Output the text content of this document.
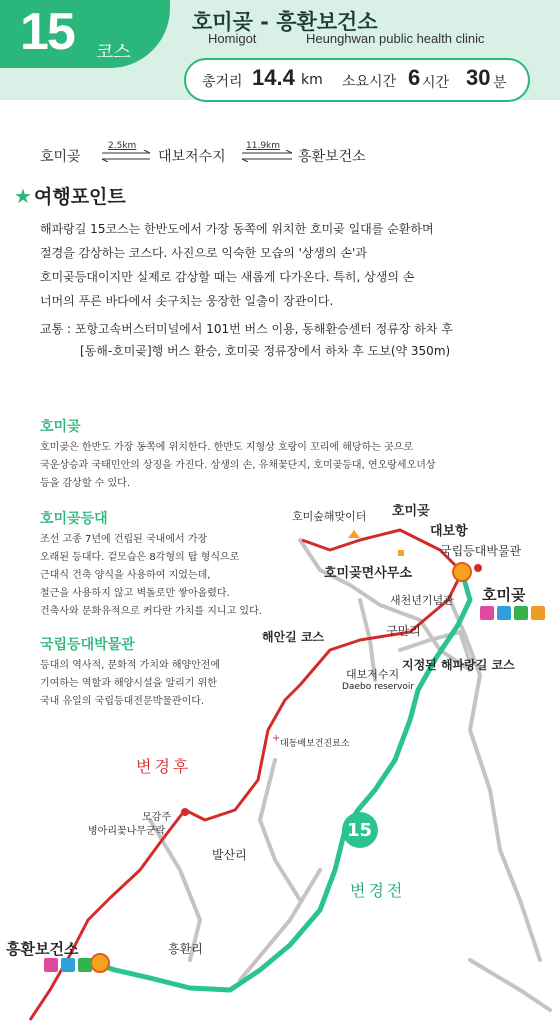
15 코스
호미곶 - 흥환보건소
Homigot	Heunghwan public health clinic
총거리 14.4 km 소요시간 6 시간 30 분
호미곶
2.5km
대보저수지
11.9km
흥환보건소
★ 여행포인트
해파랑길 15코스는 한반도에서 가장 동쪽에 위치한 호미곶 일대를 순환하며
절경을 감상하는 코스다. 사진으로 익숙한 모습의 '상생의 손'과
호미곶등대이지만 실제로 감상할 때는 새롭게 다가온다. 특히, 상생의 손
너머의 푸른 바다에서 솟구치는 웅장한 일출이 장관이다.
교통 : 포항고속버스터미널에서 101번 버스 이용, 동해환승센터 정류장 하차 후
[동해-호미곶]행 버스 환승, 호미곶 정류장에서 하차 후 도보(약 350m)
15
호미곶
호미곶은 한반도 가장 동쪽에 위치한다. 한반도 지형상 호랑이 꼬리에 해당하는 곳으로
국운상승과 국태민안의 상징을 가진다. 상생의 손, 유채꽃단지, 호미곶등대, 연오랑세오녀상
등을 감상할 수 있다.
호미곶등대
조선 고종 7년에 건립된 국내에서 가장
오래된 등대다. 겉모습은 8각형의 탑 형식으로
근대식 건축 양식을 사용하여 지었는데,
철근을 사용하지 않고 벽돌로만 쌓아올렸다.
건축사와 문화유적으로 커다란 가치를 지니고 있다.
국립등대박물관
등대의 역사적, 문화적 가치와 해양안전에
기여하는 역할과 해양시설을 알리기 위한
국내 유일의 국립등대전문박물관이다.
호미숲해맞이터 호미곶
대보항
국립등대박물관
호미곶면사무소
새천년기념관 호미곶
해안길 코스	구만리
지정된 해파랑길 코스
대보저수지
Daebo reservoir
+ 대동배보건진료소
변경후
모감주
병아리꽃나무군락
발산리
변경전
흥환보건소	흥환리
